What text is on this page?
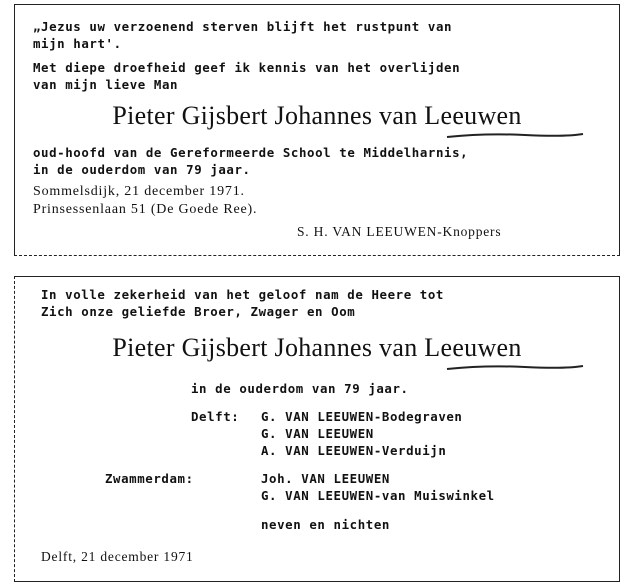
„Jezus uw verzoenend sterven blijft het rustpunt van
mijn hart'.
Met diepe droefheid geef ik kennis van het overlijden
van mijn lieve Man
Pieter Gijsbert Johannes van Leeuwen
oud-hoofd van de Gereformeerde School te Middelharnis,
in de ouderdom van 79 jaar.
Sommelsdijk, 21 december 1971.
Prinsessenlaan 51 (De Goede Ree).
S. H. VAN LEEUWEN-Knoppers
In volle zekerheid van het geloof nam de Heere tot
Zich onze geliefde Broer, Zwager en Oom
Pieter Gijsbert Johannes van Leeuwen
in de ouderdom van 79 jaar.
Delft: G. VAN LEEUWEN-Bodegraven
G. VAN LEEUWEN
A. VAN LEEUWEN-Verduijn
Zwammerdam:	Joh. VAN LEEUWEN
G. VAN LEEUWEN-van Muiswinkel
neven en nichten
Delft, 21 december 1971
